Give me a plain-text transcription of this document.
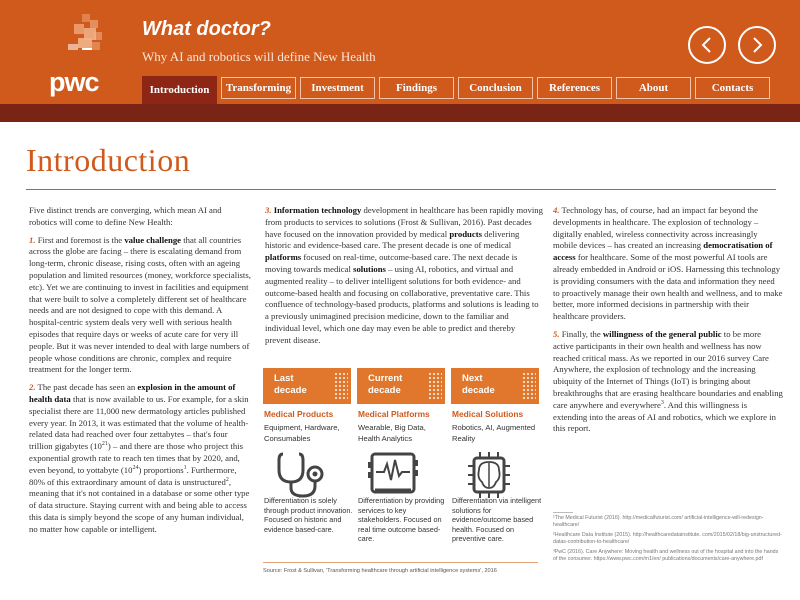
pwc
What doctor?
Why AI and robotics will define New Health
Introduction	Transforming	Investment	Findings	Conclusion	References	About	Contacts
Introduction

Five distinct trends are converging, which mean AI and robotics will come to define New Health:

1. First and foremost is the value challenge that all countries across the globe are facing – there is escalating demand from long-term, chronic disease, rising costs, often with an ageing population and limited resources (money, workforce specialists, etc). Yet we are continuing to invest in facilities and equipment that were built to solve a completely different set of healthcare needs and are not designed to cope with this demand. A hospital-centric system deals very well with serious health episodes that require days or weeks of acute care for very ill people. But it was never intended to deal with large numbers of people whose conditions are chronic, complex and require treatment for the longer term.

2. The past decade has seen an explosion in the amount of health data that is now available to us. For example, for a skin specialist there are 11,000 new dermatology articles published every year. In 2013, it was estimated that the volume of health-related data had reached over four zettabytes – that's four trillion gigabytes $(10^{21})$ – and there are those who project this exponential growth rate to reach ten times that by 2020, and, even beyond, to yottabyte $(10^{24})$ proportions$^1$. Furthermore, 80% of this extraordinary amount of data is unstructured$^2$, meaning that it's not contained in a database or some other type of data structure. Staying current with and being able to access this data is simply beyond the scope of any human individual, no matter how capable or intelligent.

3. Information technology development in healthcare has been rapidly moving from products to services to solutions (Frost & Sullivan, 2016). Past decades have focused on the innovation provided by medical products delivering historic and evidence-based care. The present decade is one of medical platforms focused on real-time, outcome-based care. The next decade is moving towards medical solutions – using AI, robotics, and virtual and augmented reality – to deliver intelligent solutions for both evidence- and outcome-based health and focusing on collaborative, preventative care. This confluence of technology-based products, platforms and solutions is leading to a previously unimagined precision medicine, down to the familiar and individual level, which one day may even be able to predict and thereby prevent disease.

Last decade
Current decade
Next decade
Medical Products	Medical Platforms	Medical Solutions
Equipment, Hardware, Consumables
Wearable, Big Data, Health Analytics
Robotics, AI, Augmented Reality
Differentiation is solely through product innovation. Focused on historic and evidence based-care.
Differentiation by providing services to key stakeholders. Focused on real time outcome based-care.
Differentiation via intelligent solutions for evidence/outcome based health. Focused on preventive care.
Source: Frost & Sullivan, 'Transforming healthcare through artificial intelligence systems', 2016

4. Technology has, of course, had an impact far beyond the developments in healthcare. The explosion of technology – digitally enabled, wireless connectivity across increasingly mobile devices – has created an increasing democratisation of access for healthcare. Some of the most powerful AI tools are already embedded in Android or iOS. Harnessing this technology is providing consumers with the data and information they need to proactively manage their own health and wellness, and to make better, more informed decisions in partnership with their healthcare providers.

5. Finally, the willingness of the general public to be more active participants in their own health and wellness has now reached critical mass. As we reported in our 2016 survey Care Anywhere, the explosion of technology and the increasing ubiquity of the Internet of Things (IoT) is bringing about breakthroughs that are erasing healthcare boundaries and enabling care anywhere and everywhere$^3$. And this willingness is extending into the areas of AI and robotics, which we explore in this report.

¹The Medical Futurist (2016). http://medicalfuturist.com/ artificial-intelligence-will-redesign-healthcare/

²Healthcare Data Institute (2015). http://healthcaredatainstitute. com/2015/02/18/big-unstructured-datas-contribution-to-healthcare/

³PwC (2016). Care Anywhere: Moving health and wellness out of the hospital and into the hands of the consumer. https://www.pwc.com/m1/en/ publications/documents/care-anywhere.pdf
